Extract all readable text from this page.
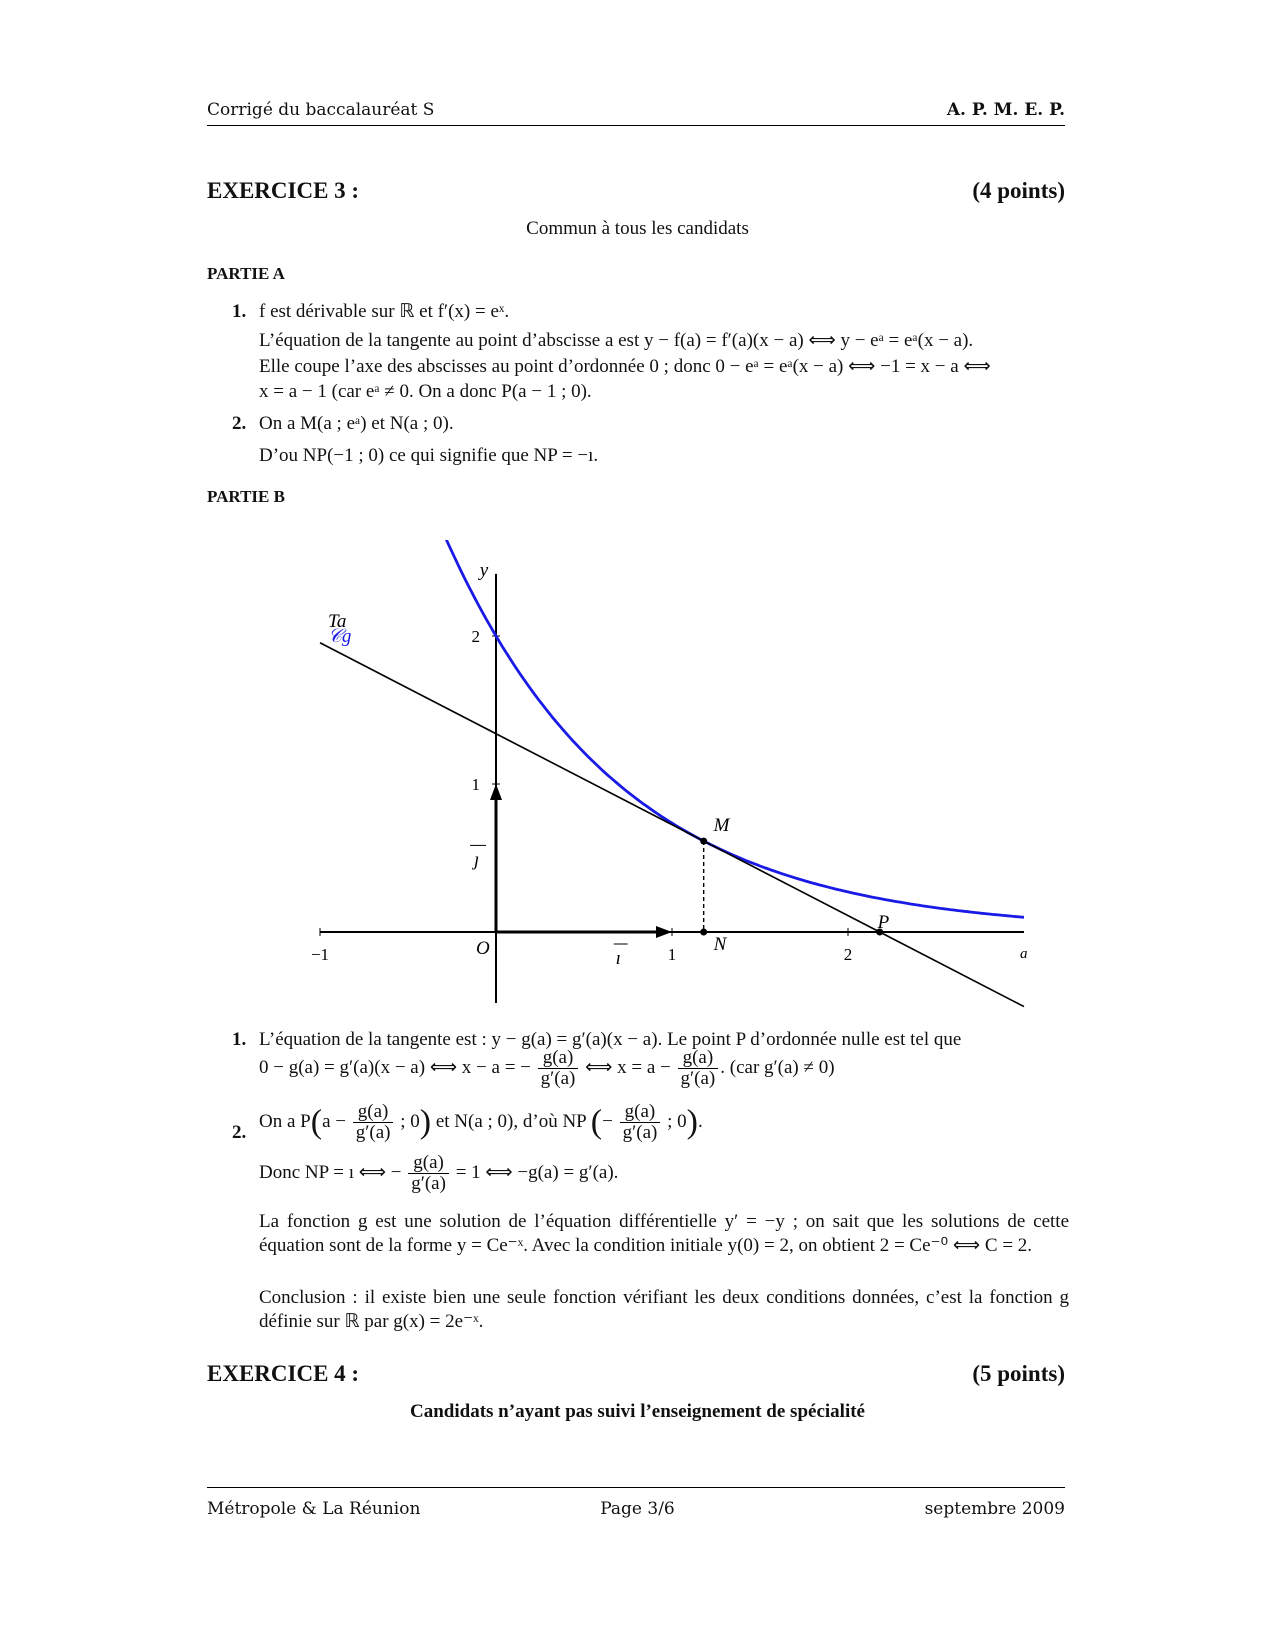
Corrigé du baccalauréat S	A. P. M. E. P.
EXERCICE 3 :	(4 points)
Commun à tous les candidats
PARTIE A
1. f est dérivable sur ℝ et f′(x) = eˣ.
L’équation de la tangente au point d’abscisse a est y − f(a) = f′(a)(x − a) ⟺ y − eᵃ = eᵃ(x − a).
Elle coupe l’axe des abscisses au point d’ordonnée 0 ; donc 0 − eᵃ = eᵃ(x − a) ⟺ −1 = x − a ⟺
x = a − 1 (car eᵃ ≠ 0. On a donc P(a − 1 ; 0).
2. On a M(a ; eᵃ) et N(a ; 0).
D’ou NP(−1 ; 0) ce qui signifie que NP = −ı.
PARTIE B
−1	1	2
1
2
y
𝒞g
Ta
ı
ȷ
O
M
N
P
a
1. L’équation de la tangente est : y − g(a) = g′(a)(x − a). Le point P d’ordonnée nulle est tel que
0 − g(a) = g′(a)(x − a) ⟺ x − a = − $\frac{g(a)}{g'(a)}$ ⟺ $x = a - \frac{g(a)}{g'(a)}$ . (car g′(a) ≠ 0)
2.
On a $P(a - \frac{g(a)}{g'(a)}$ ; 0) et N(a ; 0), d’où NP (− $\frac{g(a)}{g'(a)}$ ; 0).
Donc NP = ı ⟺ − $\frac{g(a)}{g'(a)} = 1$ ⟺ −g(a) = g′(a).
La fonction g est une solution de l’équation différentielle y′ = −y ; on sait que les solutions de cette équation sont de la forme y = Ce⁻ˣ. Avec la condition initiale y(0) = 2, on obtient 2 = Ce⁻⁰ ⟺ C = 2.
Conclusion : il existe bien une seule fonction vérifiant les deux conditions données, c’est la fonction g définie sur ℝ par g(x) = 2e⁻ˣ.
EXERCICE 4 :	(5 points)
Candidats n’ayant pas suivi l’enseignement de spécialité
Métropole & La Réunion	Page 3/6	septembre 2009
